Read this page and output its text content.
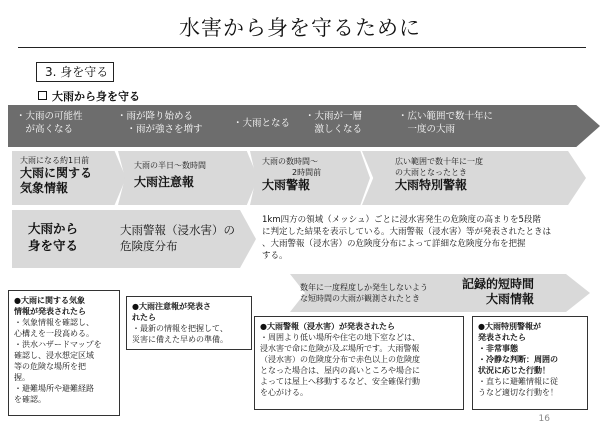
水害から身を守るために
3. 身を守る
大雨から身を守る
・大雨の可能性
　が高くなる
・雨が降り始める
　・雨が強さを増す
・大雨となる
・大雨が一層
　激しくなる
・広い範囲で数十年に
　一度の大雨
大雨になる約1日前
大雨に関する
気象情報
大雨の半日～数時間
大雨注意報
大雨の数時間～
2時間前
大雨警報
広い範囲で数十年に一度
の大雨となったとき
大雨特別警報
大雨から
身を守る
大雨警報（浸水害）の
危険度分布
1km四方の領域（メッシュ）ごとに浸水害発生の危険度の高まりを5段階
に判定した結果を表示している。大雨警報（浸水害）等が発表されたときは
、大雨警報（浸水害）の危険度分布によって詳細な危険度分布を把握
する。
数年に一度程度しか発生しないよう
な短時間の大雨が観測されたとき
記録的短時間
大雨情報
●大雨に関する気象
情報が発表されたら
・気象情報を確認し、
心構えを一段高める。
・洪水ハザードマップを
確認し、浸水想定区域
等の危険な場所を把
握。
・避難場所や避難経路
を確認。
●大雨注意報が発表さ
れたら
・最新の情報を把握して、
災害に備えた早めの準備。
●大雨警報（浸水害）が発表されたら
・周囲より低い場所や住宅の地下室などは、
浸水害で命に危険が及ぶ場所です。大雨警報
（浸水害）の危険度分布で赤色以上の危険度
となった場合は、屋内の高いところや場合に
よっては屋上へ移動するなど、安全確保行動
を心がける。
●大雨特別警報が
発表されたら
・非常事態
・冷静な判断：周囲の
状況に応じた行動！
・直ちに避難情報に従
うなど適切な行動を！
16
